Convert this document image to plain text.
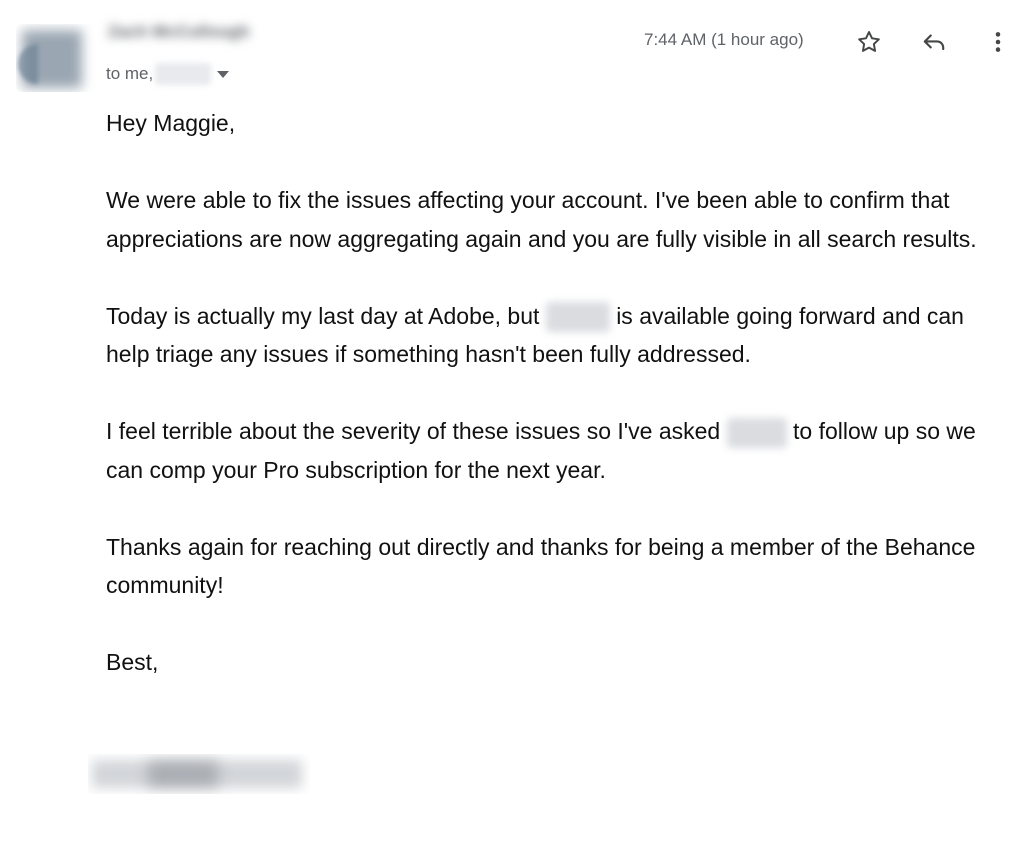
Zach McCullough
to me,
7:44 AM (1 hour ago)

Hey Maggie,

We were able to fix the issues affecting your account. I've been able to confirm that appreciations are now aggregating again and you are fully visible in all search results.

Today is actually my last day at Adobe, but	is available going forward and can help triage any issues if something hasn't been fully addressed.

I feel terrible about the severity of these issues so I've asked	to follow up so we can comp your Pro subscription for the next year.

Thanks again for reaching out directly and thanks for being a member of the Behance community!

Best,
